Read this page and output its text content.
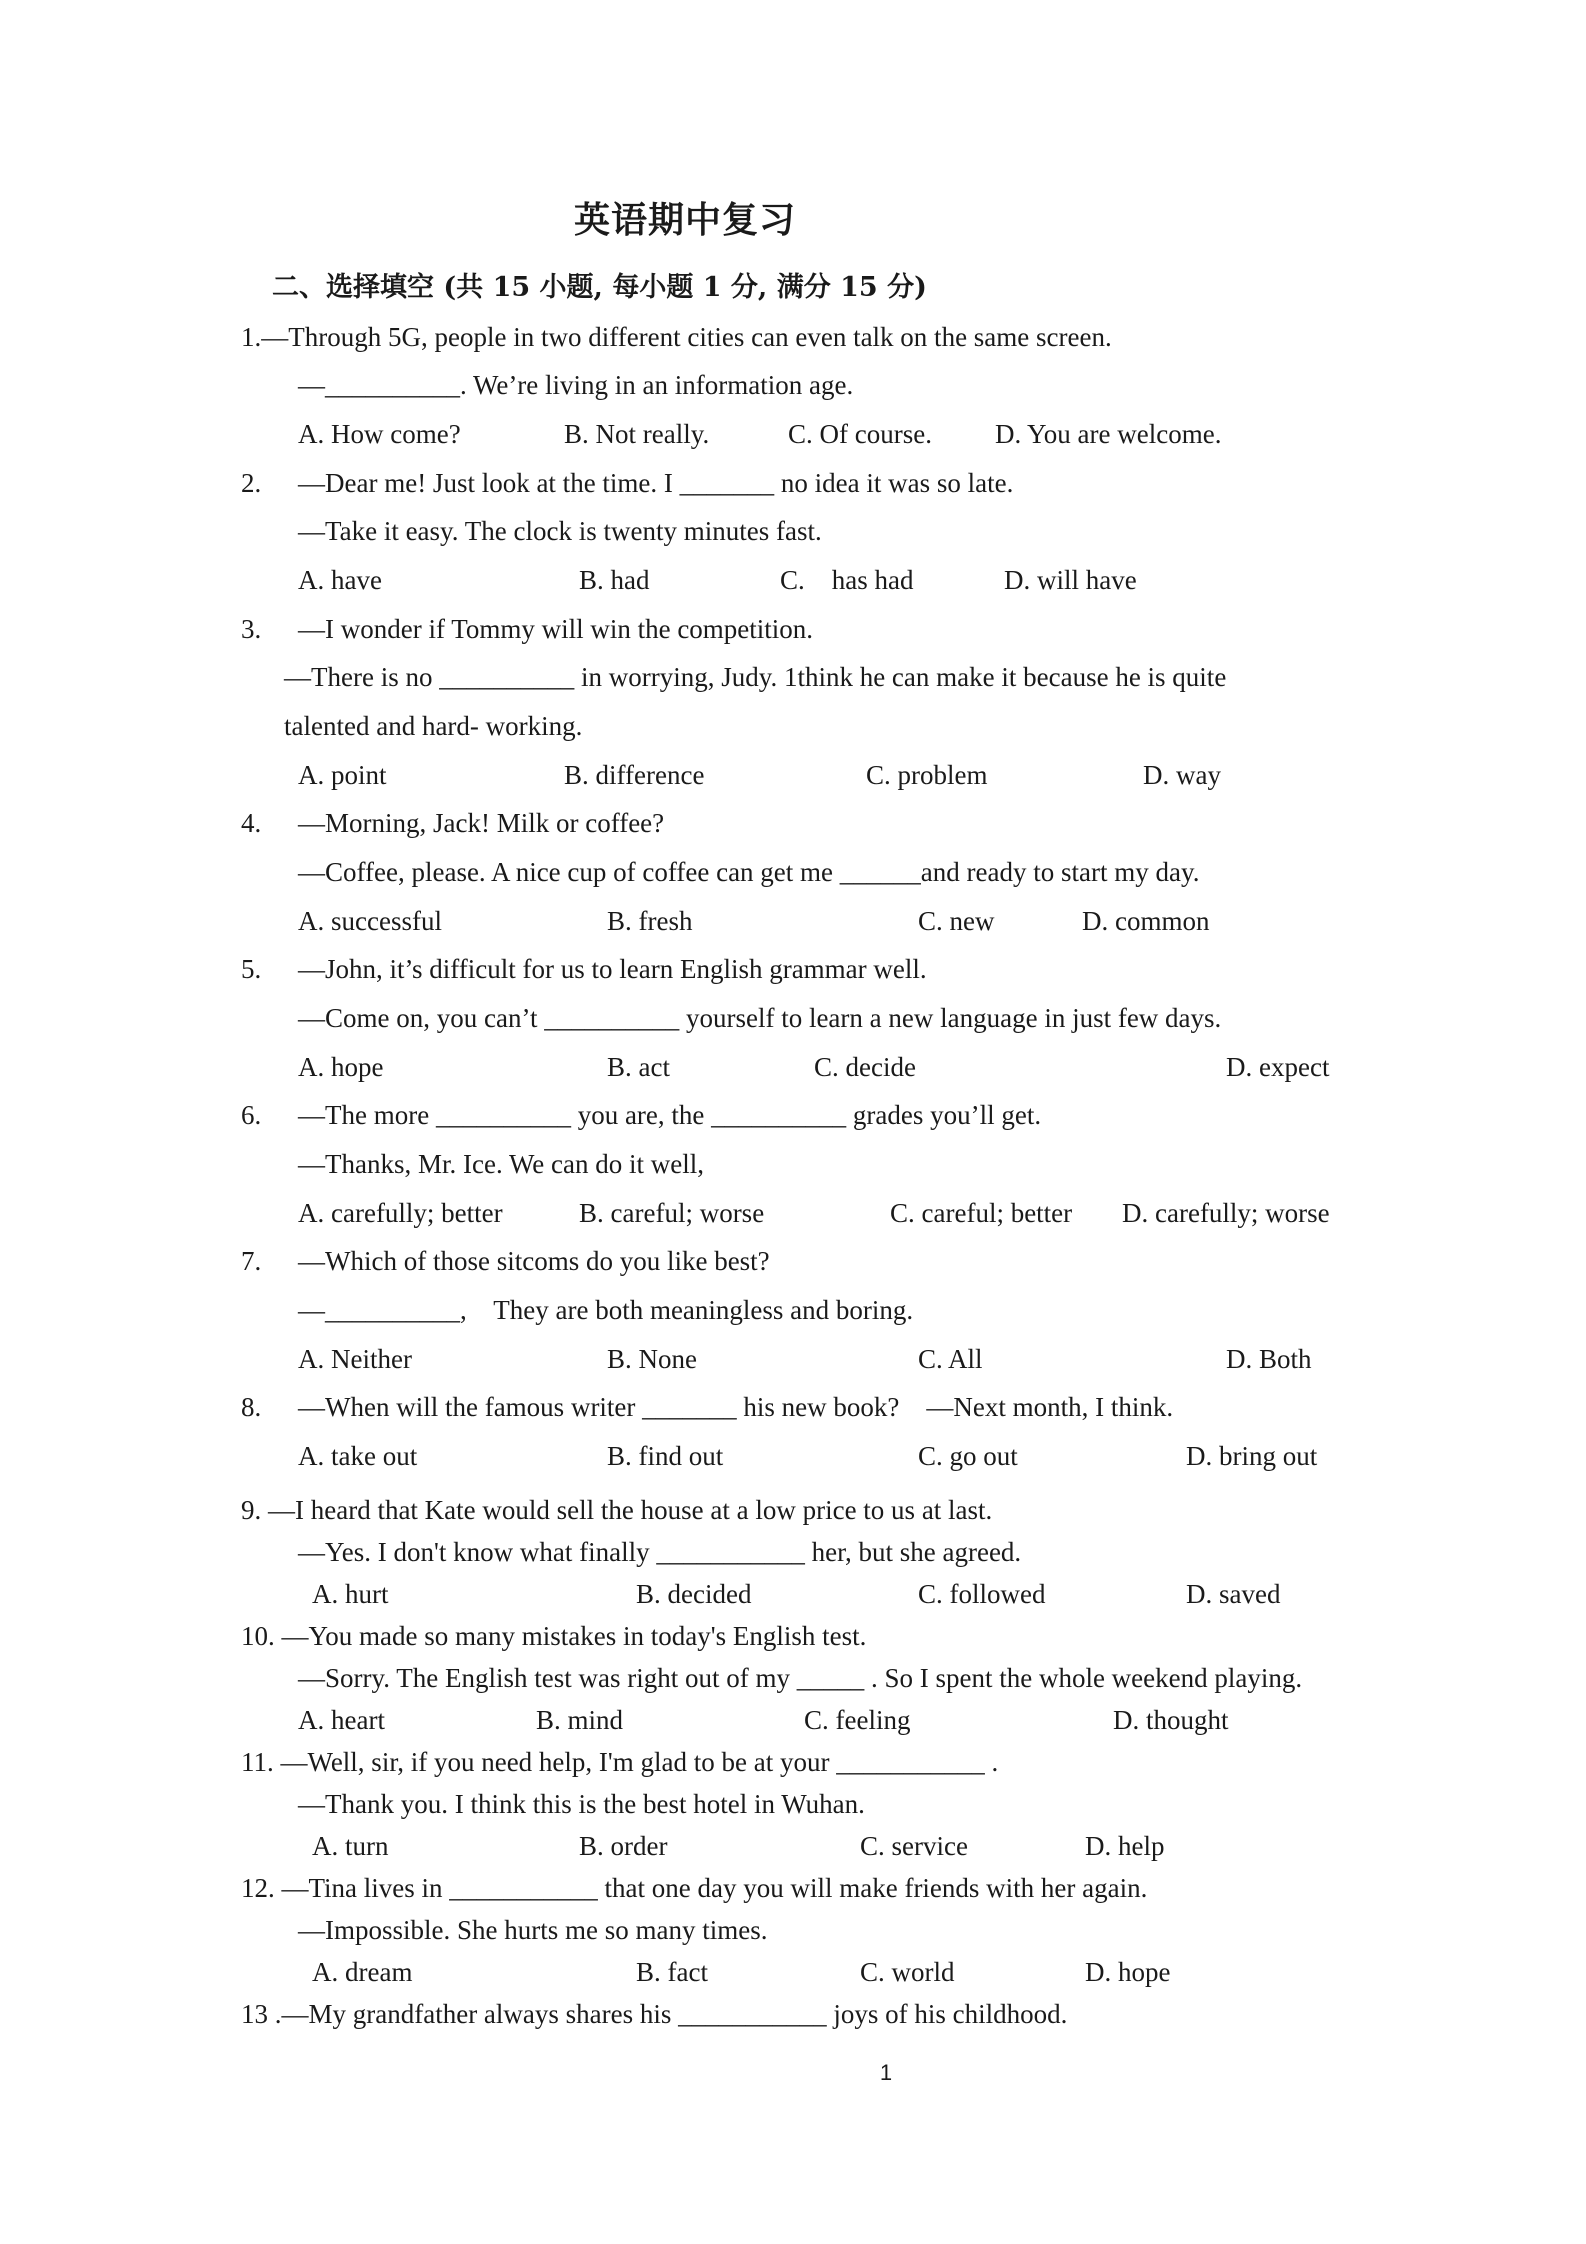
英语期中复习
二、选择填空 (共 15 小题, 每小题 1 分, 满分 15 分)
1.—Through 5G, people in two different cities can even talk on the same screen.
—__________. We’re living in an information age.
A. How come?	B. Not really.	C. Of course. D. You are welcome.
2. —Dear me! Just look at the time. I _______ no idea it was so late.
—Take it easy. The clock is twenty minutes fast.
A. have	B. had	C.    has had	D. will have
3. —I wonder if Tommy will win the competition.
—There is no __________ in worrying, Judy. 1think he can make it because he is quite
talented and hard- working.
A. point	B. difference	C. problem	D. way
4. —Morning, Jack! Milk or coffee?
—Coffee, please. A nice cup of coffee can get me ______and ready to start my day.
A. successful	B. fresh	C. new	D. common
5. —John, it’s difficult for us to learn English grammar well.
—Come on, you can’t __________ yourself to learn a new language in just few days.
A. hope	B. act	C. decide	D. expect
6. —The more __________ you are, the __________ grades you’ll get.
—Thanks, Mr. Ice. We can do it well,
A. carefully; better	B. careful; worse	C. careful; better D. carefully; worse
7. —Which of those sitcoms do you like best?
—__________,    They are both meaningless and boring.
A. Neither	B. None	C. All	D. Both
8. —When will the famous writer _______ his new book?    —Next month, I think.
A. take out	B. find out	C. go out	D. bring out
9. —I heard that Kate would sell the house at a low price to us at last.
—Yes. I don't know what finally ___________ her, but she agreed.
A. hurt	B. decided	C. followed	D. saved
10. —You made so many mistakes in today's English test.
—Sorry. The English test was right out of my _____ . So I spent the whole weekend playing.
A. heart	B. mind	C. feeling	D. thought
11. —Well, sir, if you need help, I'm glad to be at your ___________ .
—Thank you. I think this is the best hotel in Wuhan.
A. turn	B. order	C. service	D. help
12. —Tina lives in ___________ that one day you will make friends with her again.
—Impossible. She hurts me so many times.
A. dream	B. fact	C. world	D. hope
13 .—My grandfather always shares his ___________ joys of his childhood.
1
